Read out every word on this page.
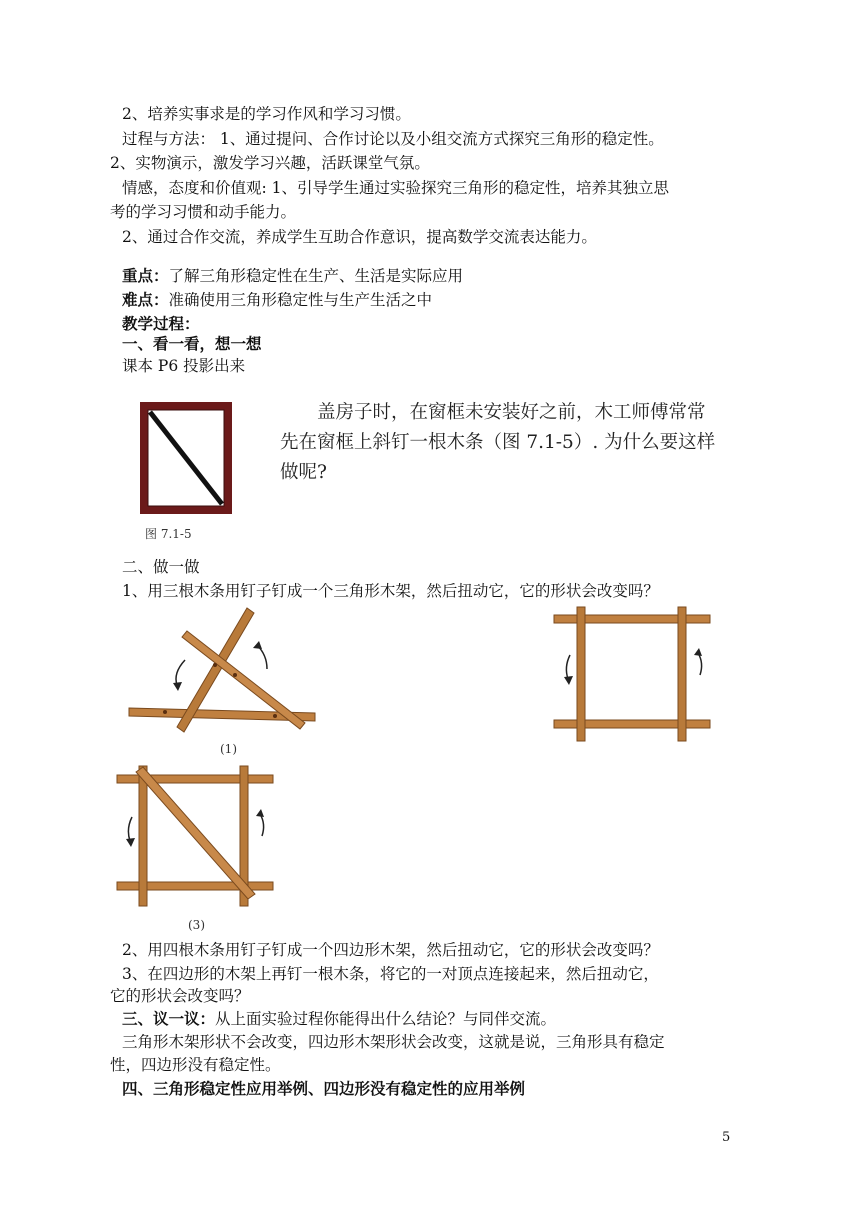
2、培养实事求是的学习作风和学习习惯。
过程与方法： 1、通过提问、合作讨论以及小组交流方式探究三角形的稳定性。
2、实物演示，激发学习兴趣，活跃课堂气氛。
情感，态度和价值观: 1、引导学生通过实验探究三角形的稳定性，培养其独立思
考的学习习惯和动手能力。
2、通过合作交流，养成学生互助合作意识，提高数学交流表达能力。
重点：了解三角形稳定性在生产、生活是实际应用
难点：准确使用三角形稳定性与生产生活之中
教学过程：
一、看一看，想一想
课本 P6 投影出来
图 7.1-5
盖房子时，在窗框未安装好之前，木工师傅常常
先在窗框上斜钉一根木条（图 7.1-5）. 为什么要这样
做呢?
二、做一做
1、用三根木条用钉子钉成一个三角形木架，然后扭动它，它的形状会改变吗？
(1)
(3)
2、用四根木条用钉子钉成一个四边形木架，然后扭动它，它的形状会改变吗？
3、在四边形的木架上再钉一根木条，将它的一对顶点连接起来，然后扭动它，
它的形状会改变吗？
三、议一议：从上面实验过程你能得出什么结论？与同伴交流。
三角形木架形状不会改变，四边形木架形状会改变，这就是说，三角形具有稳定
性，四边形没有稳定性。
四、三角形稳定性应用举例、四边形没有稳定性的应用举例
5
